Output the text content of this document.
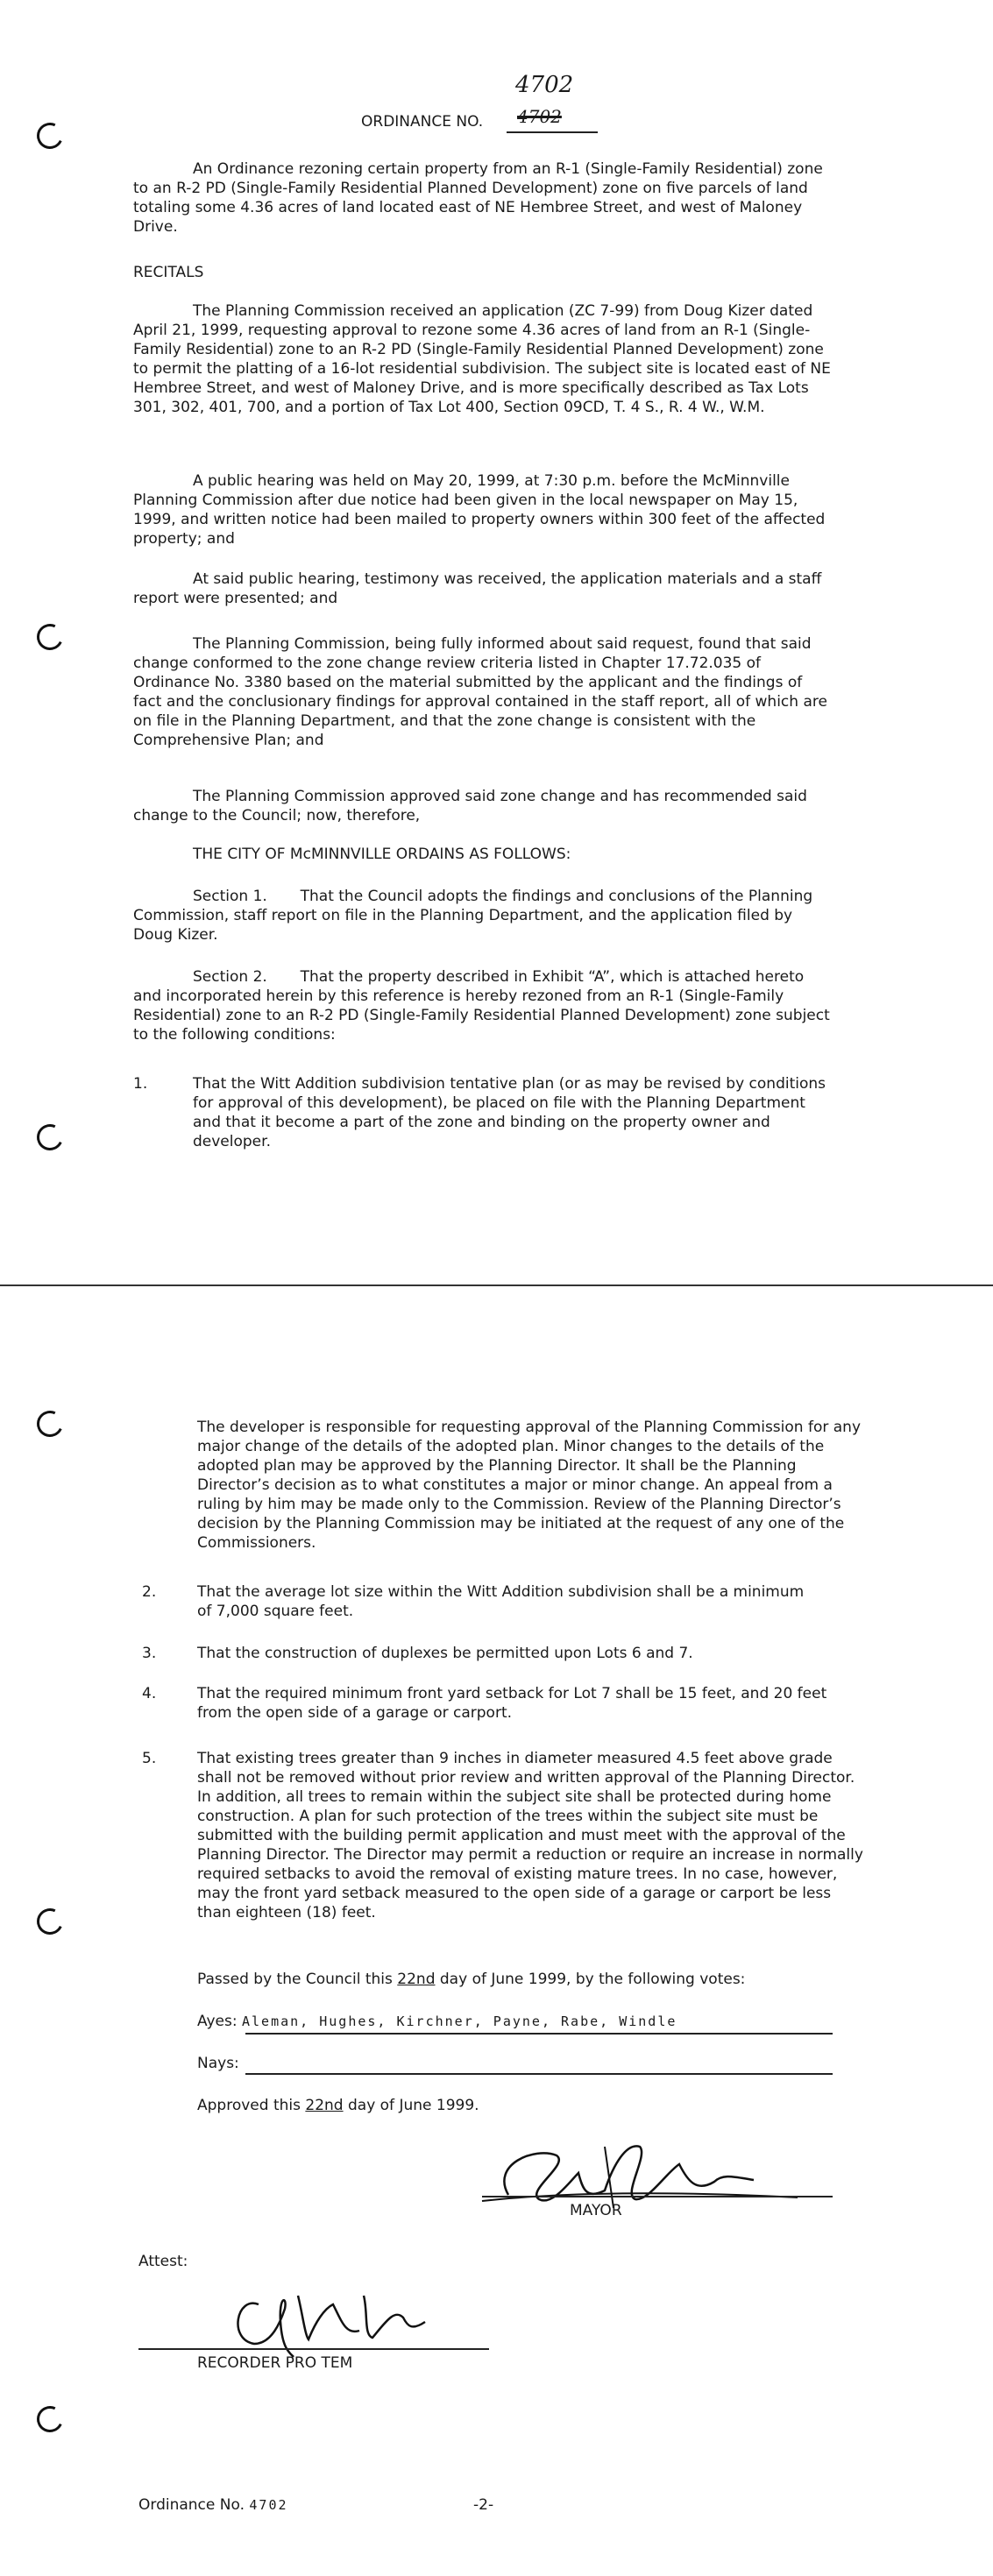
ORDINANCE NO.
4702
4702

An Ordinance rezoning certain property from an R-1 (Single-Family Residential) zone to an R-2 PD (Single-Family Residential Planned Development) zone on five parcels of land totaling some 4.36 acres of land located east of NE Hembree Street, and west of Maloney Drive.

RECITALS

The Planning Commission received an application (ZC 7-99) from Doug Kizer dated April 21, 1999, requesting approval to rezone some 4.36 acres of land from an R-1 (Single-Family Residential) zone to an R-2 PD (Single-Family Residential Planned Development) zone to permit the platting of a 16-lot residential subdivision. The subject site is located east of NE Hembree Street, and west of Maloney Drive, and is more specifically described as Tax Lots 301, 302, 401, 700, and a portion of Tax Lot 400, Section 09CD, T. 4 S., R. 4 W., W.M.

A public hearing was held on May 20, 1999, at 7:30 p.m. before the McMinnville Planning Commission after due notice had been given in the local newspaper on May 15, 1999, and written notice had been mailed to property owners within 300 feet of the affected property; and

At said public hearing, testimony was received, the application materials and a staff report were presented; and

The Planning Commission, being fully informed about said request, found that said change conformed to the zone change review criteria listed in Chapter 17.72.035 of Ordinance No. 3380 based on the material submitted by the applicant and the findings of fact and the conclusionary findings for approval contained in the staff report, all of which are on file in the Planning Department, and that the zone change is consistent with the Comprehensive Plan; and

The Planning Commission approved said zone change and has recommended said change to the Council; now, therefore,

THE CITY OF McMINNVILLE ORDAINS AS FOLLOWS:

Section 1. That the Council adopts the findings and conclusions of the Planning Commission, staff report on file in the Planning Department, and the application filed by Doug Kizer.
Section 2. That the property described in Exhibit “A”, which is attached hereto and incorporated herein by this reference is hereby rezoned from an R-1 (Single-Family Residential) zone to an R-2 PD (Single-Family Residential Planned Development) zone subject to the following conditions:

1.	That the Witt Addition subdivision tentative plan (or as may be revised by conditions for approval of this development), be placed on file with the Planning Department and that it become a part of the zone and binding on the property owner and developer.

The developer is responsible for requesting approval of the Planning Commission for any major change of the details of the adopted plan. Minor changes to the details of the adopted plan may be approved by the Planning Director. It shall be the Planning Director’s decision as to what constitutes a major or minor change. An appeal from a ruling by him may be made only to the Commission. Review of the Planning Director’s decision by the Planning Commission may be initiated at the request of any one of the Commissioners.

2.	That the average lot size within the Witt Addition subdivision shall be a minimum of 7,000 square feet.

3.	That the construction of duplexes be permitted upon Lots 6 and 7.

4.	That the required minimum front yard setback for Lot 7 shall be 15 feet, and 20 feet from the open side of a garage or carport.

5.	That existing trees greater than 9 inches in diameter measured 4.5 feet above grade shall not be removed without prior review and written approval of the Planning Director. In addition, all trees to remain within the subject site shall be protected during home construction. A plan for such protection of the trees within the subject site must be submitted with the building permit application and must meet with the approval of the Planning Director. The Director may permit a reduction or require an increase in normally required setbacks to avoid the removal of existing mature trees. In no case, however, may the front yard setback measured to the open side of a garage or carport be less than eighteen (18) feet.

Passed by the Council this 22nd day of June 1999, by the following votes:
Ayes: Aleman, Hughes, Kirchner, Payne, Rabe, Windle
Nays:
Approved this 22nd day of June 1999.
MAYOR
Attest:
RECORDER PRO TEM
Ordinance No. 4702	-2-
